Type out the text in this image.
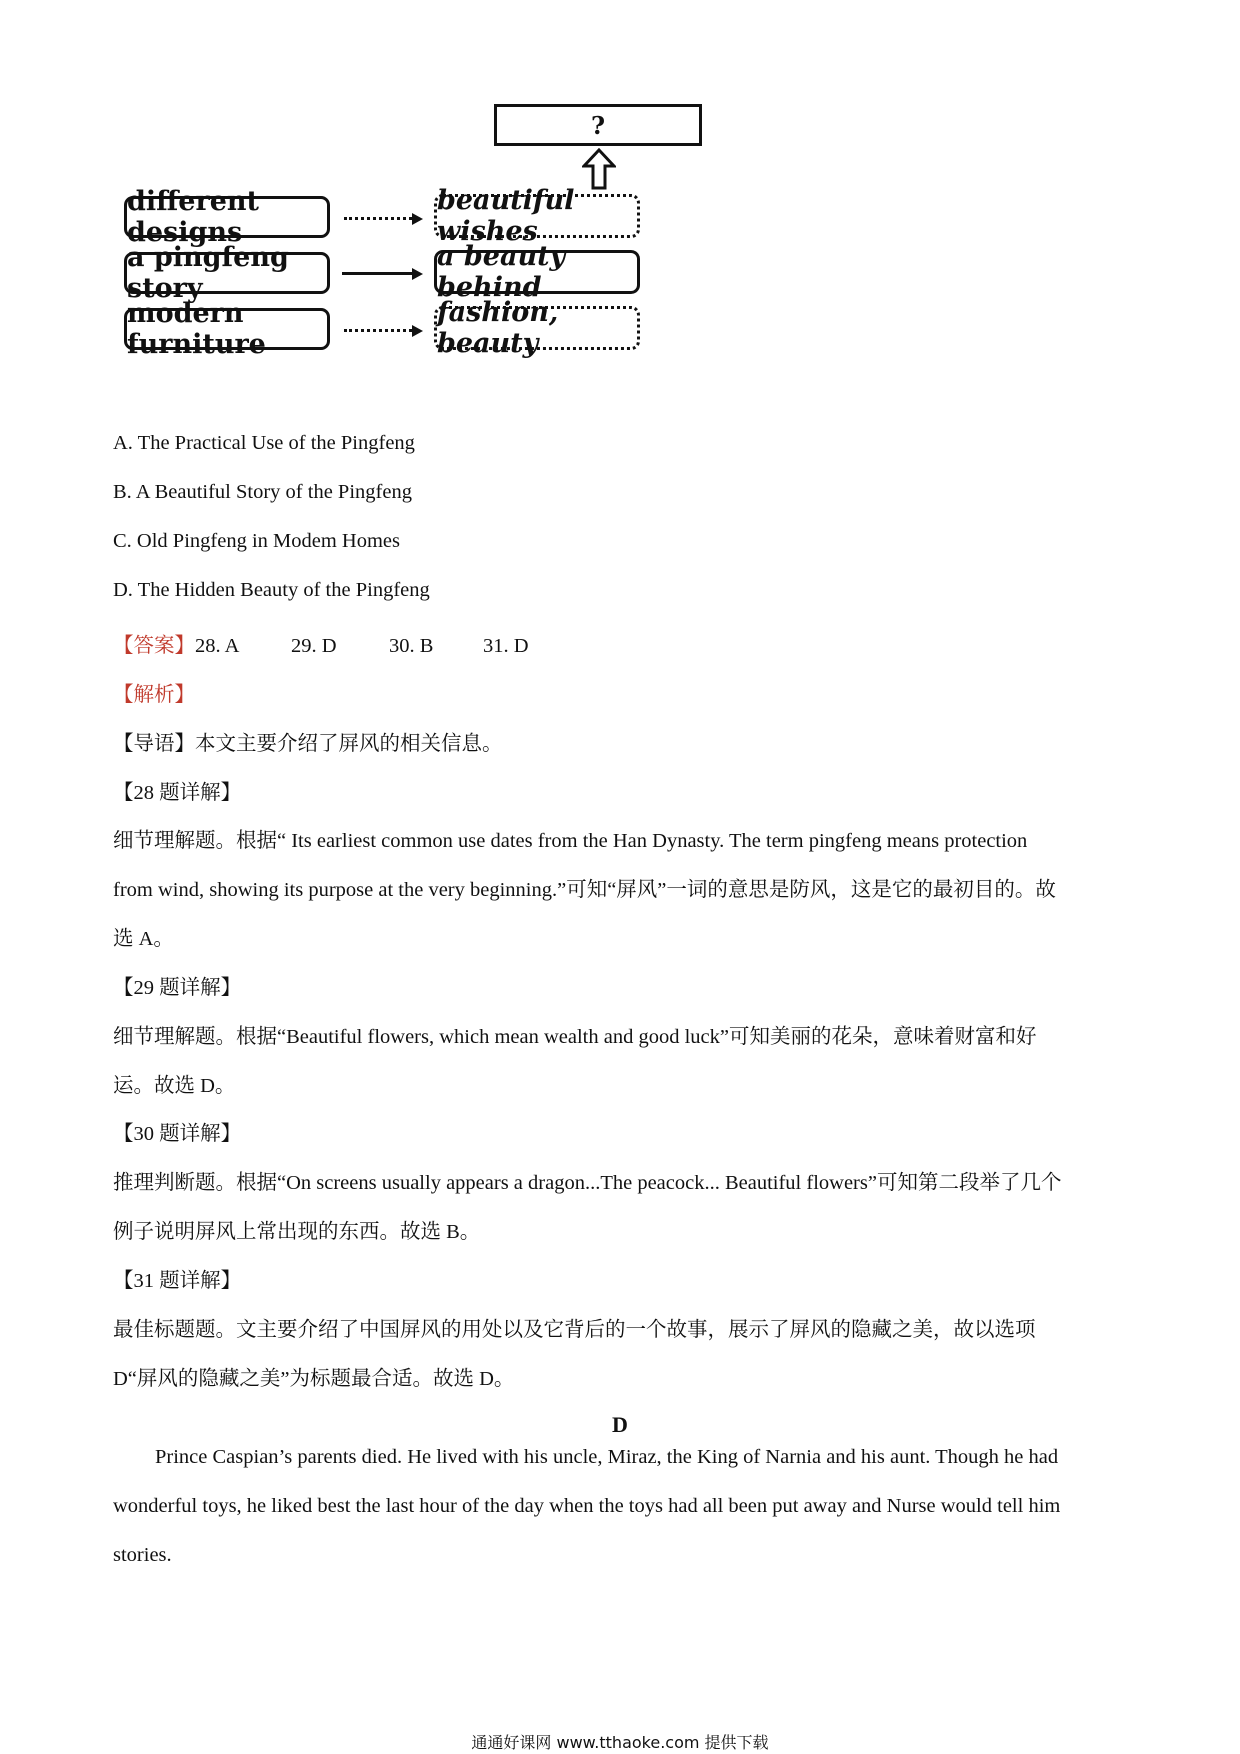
?
different designs
beautiful wishes
a pingfeng story
a beauty behind
modern furniture
fashion, beauty
A. The Practical Use of the Pingfeng
B. A Beautiful Story of the Pingfeng
C. Old Pingfeng in Modem Homes
D. The Hidden Beauty of the Pingfeng
【答案】28. A	29. D	30. B 31. D
【解析】
【导语】本文主要介绍了屏风的相关信息。
【28 题详解】
细节理解题。根据“ Its earliest common use dates from the Han Dynasty. The term pingfeng means protection
from wind, showing its purpose at the very beginning.”可知“屏风”一词的意思是防风，这是它的最初目的。故
选 A。
【29 题详解】
细节理解题。根据“Beautiful flowers, which mean wealth and good luck”可知美丽的花朵，意味着财富和好
运。故选 D。
【30 题详解】
推理判断题。根据“On screens usually appears a dragon...The peacock... Beautiful flowers”可知第二段举了几个
例子说明屏风上常出现的东西。故选 B。
【31 题详解】
最佳标题题。文主要介绍了中国屏风的用处以及它背后的一个故事，展示了屏风的隐藏之美，故以选项
D“屏风的隐藏之美”为标题最合适。故选 D。
D
Prince Caspian’s parents died. He lived with his uncle, Miraz, the King of Narnia and his aunt. Though he had
wonderful toys, he liked best the last hour of the day when the toys had all been put away and Nurse would tell him
stories.
通通好课网 www.tthaoke.com 提供下载
